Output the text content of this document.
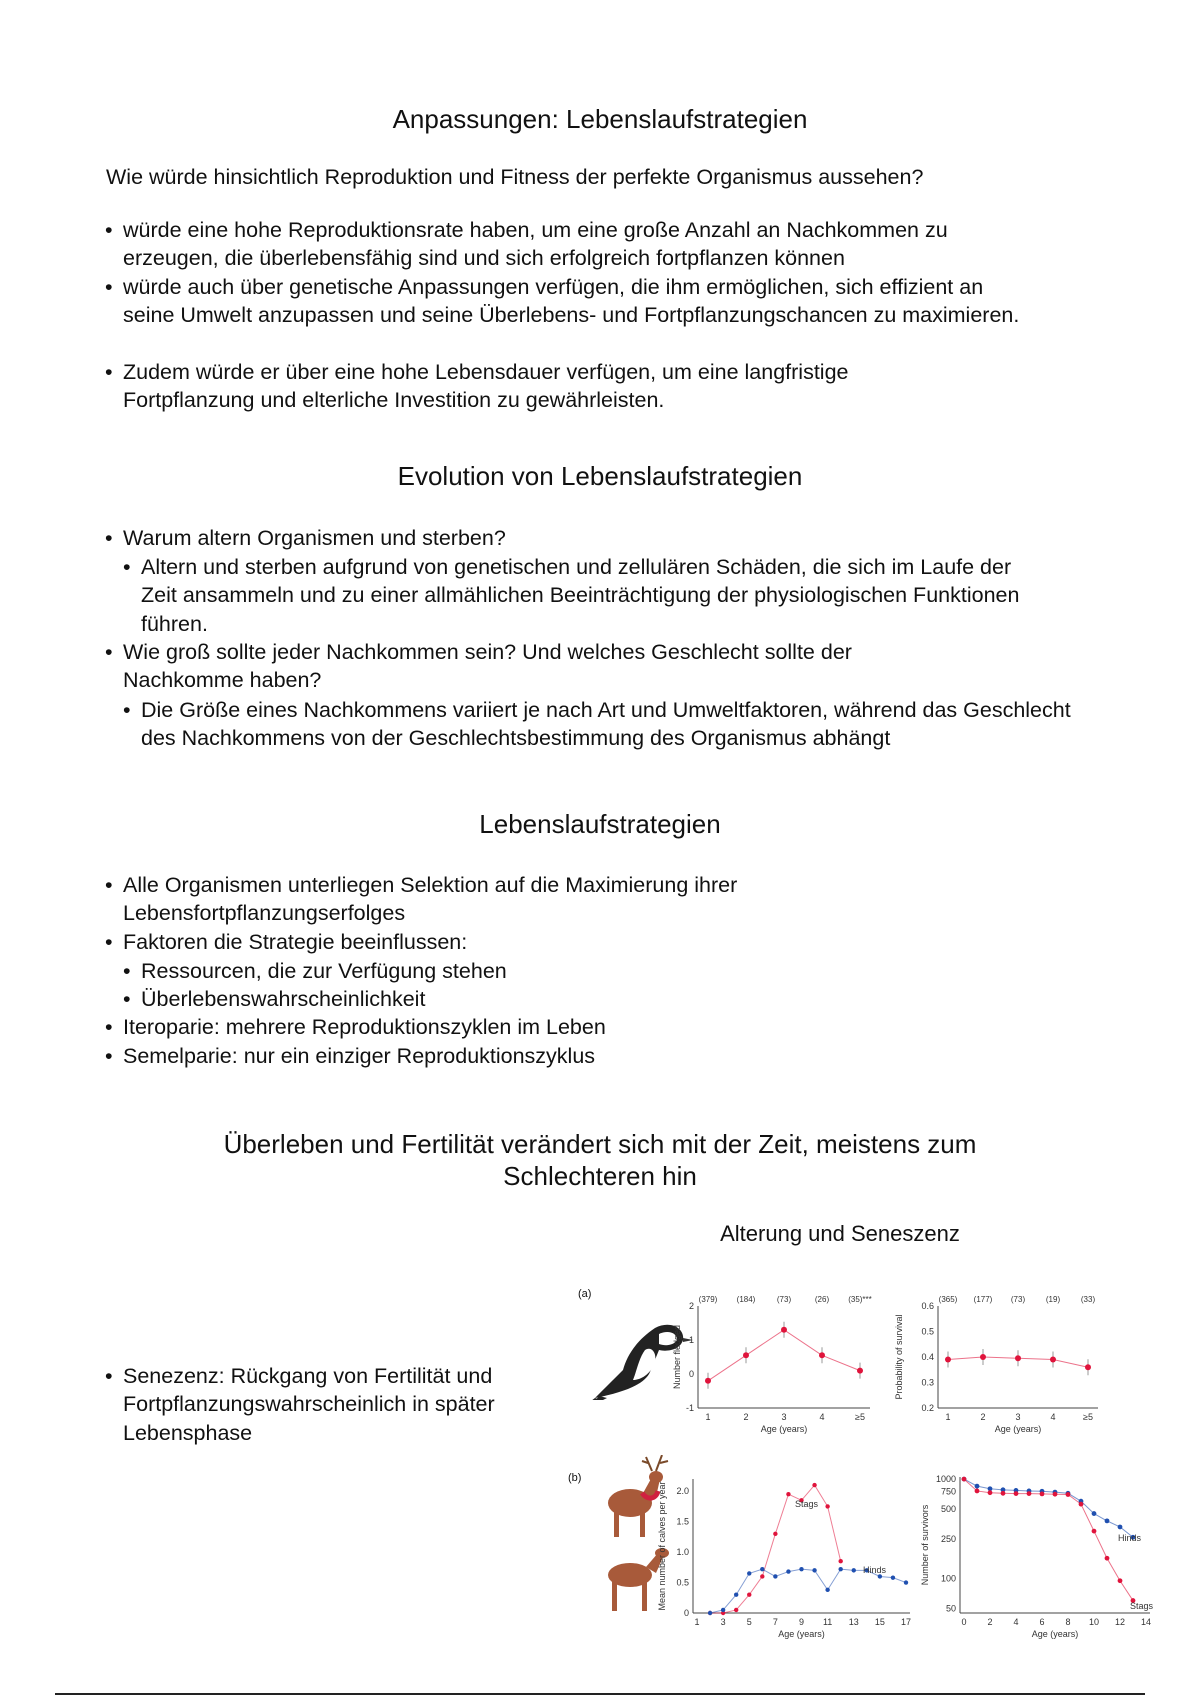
Anpassungen: Lebenslaufstrategien
Wie würde hinsichtlich Reproduktion und Fitness der perfekte Organismus aussehen?
• würde eine hohe Reproduktionsrate haben, um eine große Anzahl an Nachkommen zu erzeugen, die überlebensfähig sind und sich erfolgreich fortpflanzen können
• würde auch über genetische Anpassungen verfügen, die ihm ermöglichen, sich effizient an seine Umwelt anzupassen und seine Überlebens- und Fortpflanzungschancen zu maximieren.
• Zudem würde er über eine hohe Lebensdauer verfügen, um eine langfristige Fortpflanzung und elterliche Investition zu gewährleisten.
Evolution von Lebenslaufstrategien
• Warum altern Organismen und sterben?
• Altern und sterben aufgrund von genetischen und zellulären Schäden, die sich im Laufe der Zeit ansammeln und zu einer allmählichen Beeinträchtigung der physiologischen Funktionen führen.
• Wie groß sollte jeder Nachkommen sein? Und welches Geschlecht sollte der Nachkomme haben?
• Die Größe eines Nachkommens variiert je nach Art und Umweltfaktoren, während das Geschlecht des Nachkommens von der Geschlechtsbestimmung des Organismus abhängt
Lebenslaufstrategien
• Alle Organismen unterliegen Selektion auf die Maximierung ihrer Lebensfortpflanzungserfolges
• Faktoren die Strategie beeinflussen:
• Ressourcen, die zur Verfügung stehen
• Überlebenswahrscheinlichkeit
• Iteroparie: mehrere Reproduktionszyklen im Leben
• Semelparie: nur ein einziger Reproduktionszyklus
Überleben und Fertilität verändert sich mit der Zeit, meistens zum
Schlechteren hin
Alterung und Seneszenz
• Senezenz: Rückgang von Fertilität und Fortpflanzungswahrscheinlich in später Lebensphase
(a)
(b)
2
1
0
-1
1
(379)
2
(184)
3
(73)
4
(26)
≥5
(35)***
Age (years)
Number fledged
0.6
0.5
0.4
0.3
0.2
1
(365)
2
(177)
3
(73)
4
(19)
≥5
(33)
Age (years)
Probability of survival
2.0
1.5
1.0
0.5
0
1 3 5 7 9 11 13 15 17
Stags
Hinds
Age (years)
Mean number of calves per year
1000
750
500
250
100
50
0 2 4 6 8 10 12 14
Hinds
Stags
Age (years)
Number of survivors
